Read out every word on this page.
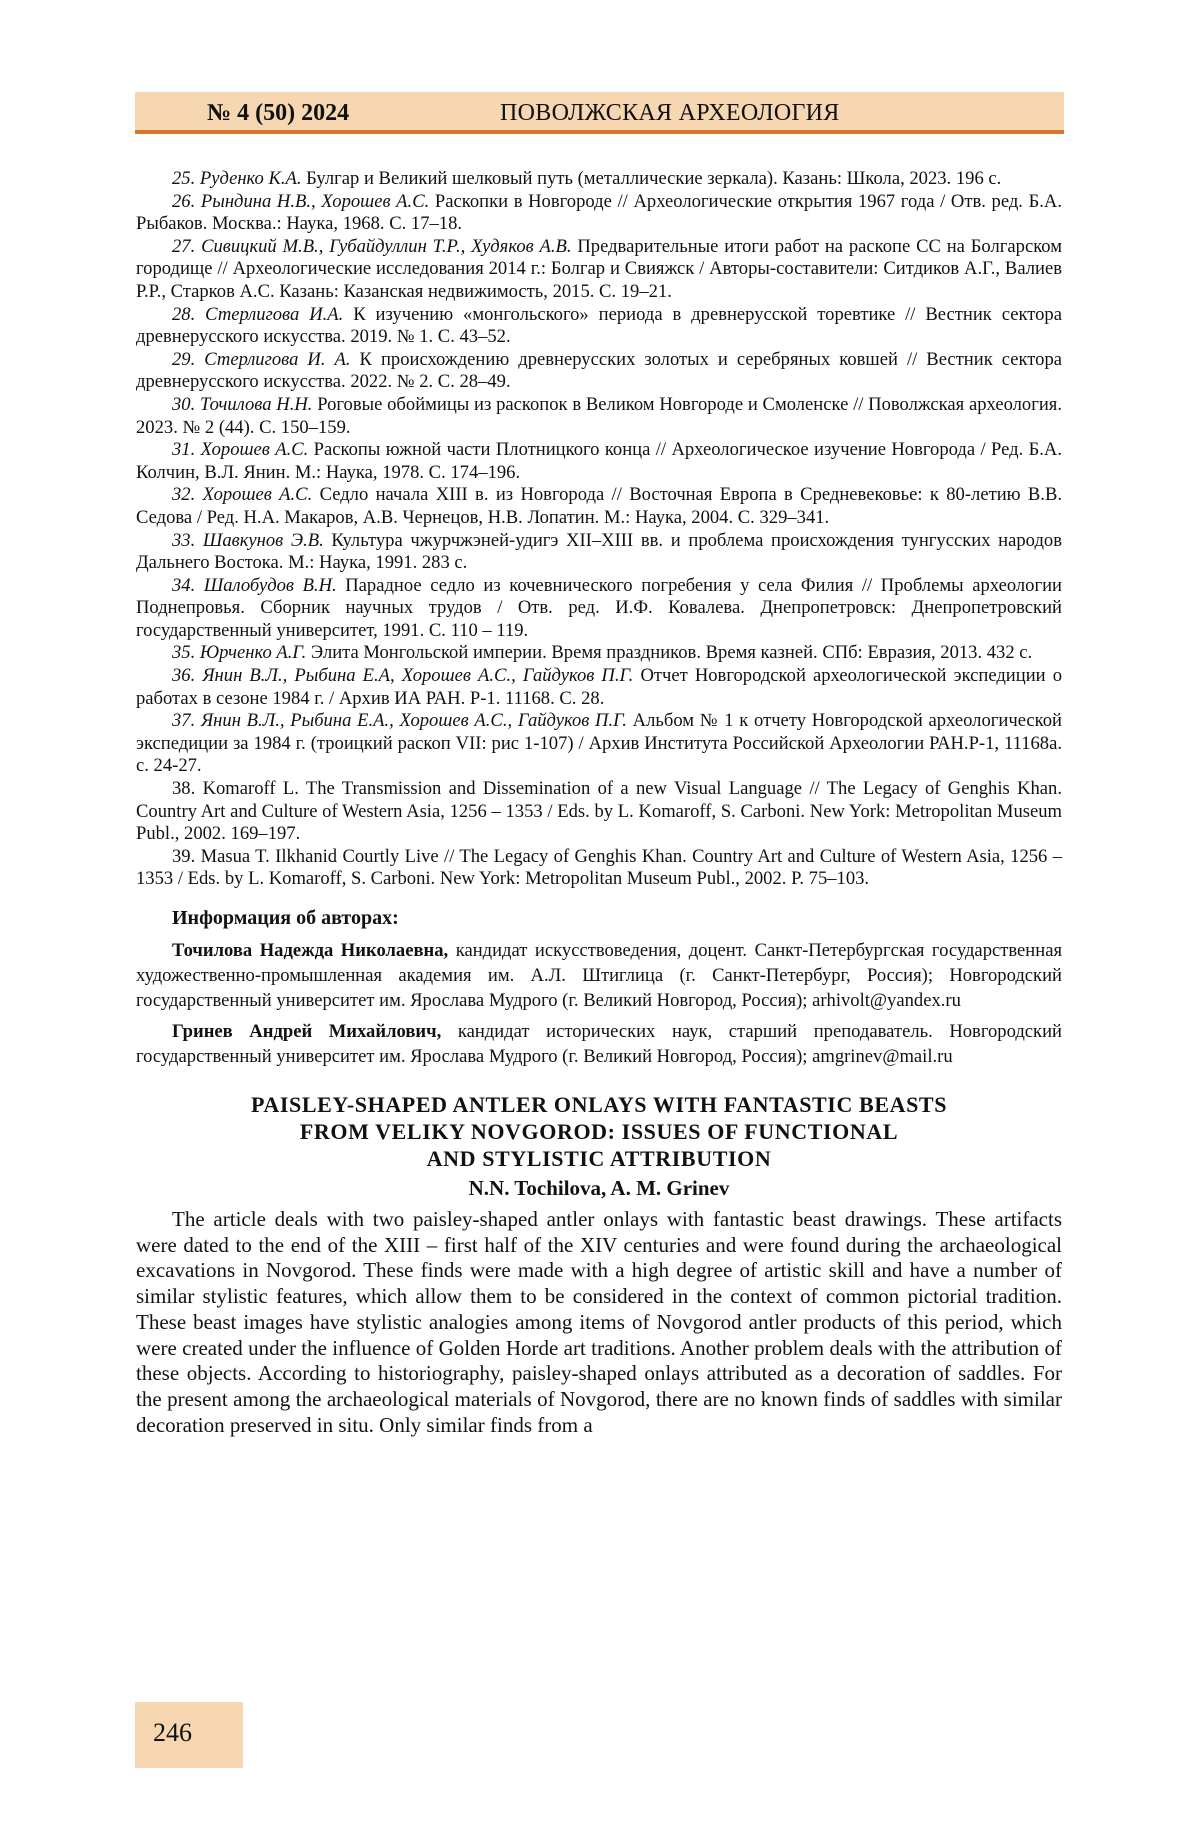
№ 4 (50) 2024	ПОВОЛЖСКАЯ АРХЕОЛОГИЯ

25. Руденко К.А. Булгар и Великий шелковый путь (металлические зеркала). Казань: Школа, 2023. 196 с.

26. Рындина Н.В., Хорошев А.С. Раскопки в Новгороде // Археологические открытия 1967 года / Отв. ред. Б.А. Рыбаков. Москва.: Наука, 1968. С. 17–18.

27. Сивицкий М.В., Губайдуллин Т.Р., Худяков А.В. Предварительные итоги работ на раскопе СС на Болгарском городище // Археологические исследования 2014 г.: Болгар и Свияжск / Авторы-составители: Ситдиков А.Г., Валиев Р.Р., Старков А.С. Казань: Казанская недвижимость, 2015. С. 19–21.

28. Стерлигова И.А. К изучению «монгольского» периода в древнерусской торевтике // Вестник сектора древнерусского искусства. 2019. № 1. С. 43–52.

29. Стерлигова И. А. К происхождению древнерусских золотых и серебряных ковшей // Вестник сектора древнерусского искусства. 2022. № 2. С. 28–49.

30. Точилова Н.Н. Роговые обоймицы из раскопок в Великом Новгороде и Смоленске // Поволжская археология. 2023. № 2 (44). С. 150–159.

31. Хорошев А.С. Раскопы южной части Плотницкого конца // Археологическое изучение Новгорода / Ред. Б.А. Колчин, В.Л. Янин. М.: Наука, 1978. С. 174–196.

32. Хорошев А.С. Седло начала XIII в. из Новгорода // Восточная Европа в Средневековье: к 80-летию В.В. Седова / Ред. Н.А. Макаров, А.В. Чернецов, Н.В. Лопатин. М.: Наука, 2004. С. 329–341.

33. Шавкунов Э.В. Культура чжурчжэней-удигэ XII–XIII вв. и проблема происхождения тунгусских народов Дальнего Востока. М.: Наука, 1991. 283 с.

34. Шалобудов В.Н. Парадное седло из кочевнического погребения у села Филия // Проблемы археологии Поднепровья. Сборник научных трудов / Отв. ред. И.Ф. Ковалева. Днепропетровск: Днепропетровский государственный университет, 1991. С. 110 – 119.

35. Юрченко А.Г. Элита Монгольской империи. Время праздников. Время казней. СПб: Евразия, 2013. 432 с.

36. Янин В.Л., Рыбина Е.А, Хорошев А.С., Гайдуков П.Г. Отчет Новгородской археологической экспедиции о работах в сезоне 1984 г. / Архив ИА РАН. Р-1. 11168. С. 28.

37. Янин В.Л., Рыбина Е.А., Хорошев А.С., Гайдуков П.Г. Альбом № 1 к отчету Новгородской археологической экспедиции за 1984 г. (троицкий раскоп VII: рис 1-107) / Архив Института Российской Археологии РАН.Р-1, 11168а. с. 24-27.

38. Komaroff L. The Transmission and Dissemination of a new Visual Language // The Legacy of Genghis Khan. Country Art and Culture of Western Asia, 1256 – 1353 / Eds. by L. Komaroff, S. Carboni. New York: Metropolitan Museum Publ., 2002. 169–197.

39. Masua T. Ilkhanid Courtly Live // The Legacy of Genghis Khan. Country Art and Culture of Western Asia, 1256 – 1353 / Eds. by L. Komaroff, S. Carboni. New York: Metropolitan Museum Publ., 2002. P. 75–103.

Информация об авторах:

Точилова Надежда Николаевна, кандидат искусствоведения, доцент. Санкт-Петербургская государственная художественно-промышленная академия им. А.Л. Штиглица (г. Санкт-Петербург, Россия); Новгородский государственный университет им. Ярослава Мудрого (г. Великий Новгород, Россия); arhivolt@yandex.ru

Гринев Андрей Михайлович, кандидат исторических наук, старший преподаватель. Новгородский государственный университет им. Ярослава Мудрого (г. Великий Новгород, Россия); amgrinev@mail.ru

PAISLEY-SHAPED ANTLER ONLAYS WITH FANTASTIC BEASTS
FROM VELIKY NOVGOROD: ISSUES OF FUNCTIONAL
AND STYLISTIC ATTRIBUTION
N.N. Tochilova, A. M. Grinev

The article deals with two paisley-shaped antler onlays with fantastic beast drawings. These artifacts were dated to the end of the XIII – first half of the XIV centuries and were found during the archaeological excavations in Novgorod. These finds were made with a high degree of artistic skill and have a number of similar stylistic features, which allow them to be considered in the context of common pictorial tradition. These beast images have stylistic analogies among items of Novgorod antler products of this period, which were created under the influence of Golden Horde art traditions. Another problem deals with the attribution of these objects. According to historiography, paisley-shaped onlays attributed as a decoration of saddles. For the present among the archaeological materials of Novgorod, there are no known finds of saddles with similar decoration preserved in situ. Only similar finds from a

246
